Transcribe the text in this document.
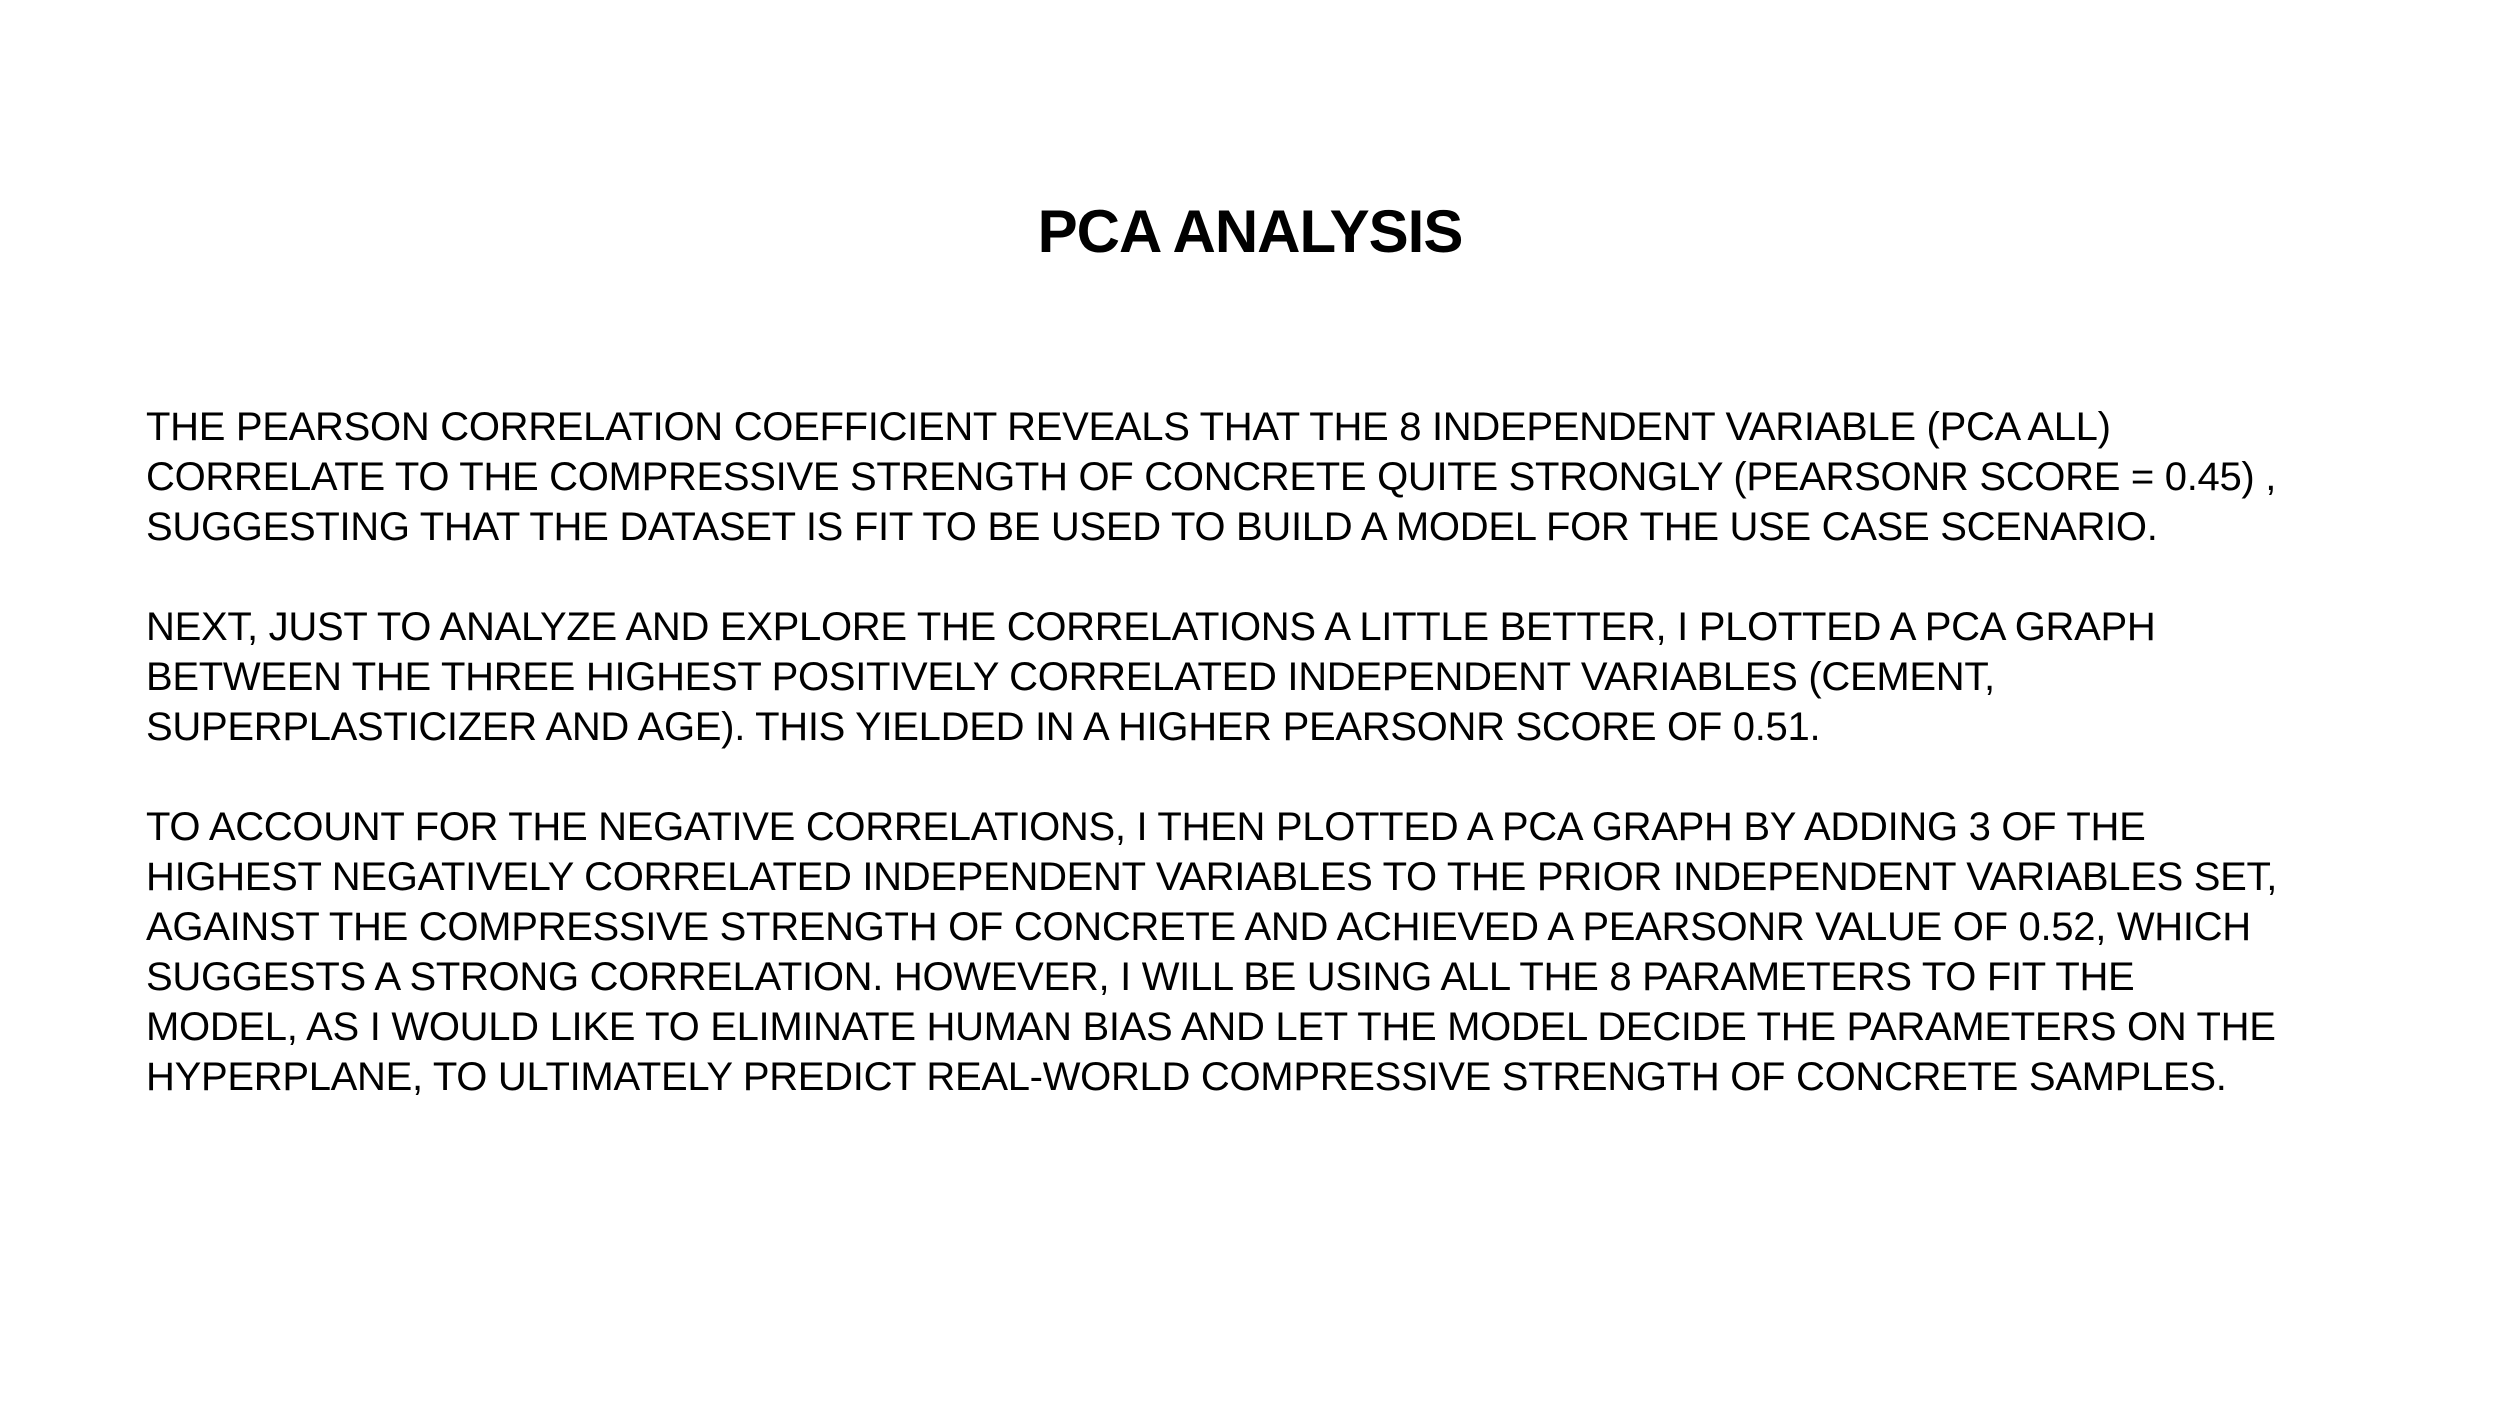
PCA ANALYSIS

THE PEARSON CORRELATION COEFFICIENT REVEALS THAT THE 8 INDEPENDENT VARIABLE (PCA ALL)
CORRELATE TO THE COMPRESSIVE STRENGTH OF CONCRETE QUITE STRONGLY (PEARSONR SCORE = 0.45) ,
SUGGESTING THAT THE DATASET IS FIT TO BE USED TO BUILD A MODEL FOR THE USE CASE SCENARIO.

NEXT, JUST TO ANALYZE AND EXPLORE THE CORRELATIONS A LITTLE BETTER, I PLOTTED A PCA GRAPH
BETWEEN THE THREE HIGHEST POSITIVELY CORRELATED INDEPENDENT VARIABLES (CEMENT,
SUPERPLASTICIZER AND AGE). THIS YIELDED IN A HIGHER PEARSONR SCORE OF 0.51.

TO ACCOUNT FOR THE NEGATIVE CORRELATIONS, I THEN PLOTTED A PCA GRAPH BY ADDING 3 OF THE
HIGHEST NEGATIVELY CORRELATED INDEPENDENT VARIABLES TO THE PRIOR INDEPENDENT VARIABLES SET,
AGAINST THE COMPRESSIVE STRENGTH OF CONCRETE AND ACHIEVED A PEARSONR VALUE OF 0.52, WHICH
SUGGESTS A STRONG CORRELATION. HOWEVER, I WILL BE USING ALL THE 8 PARAMETERS TO FIT THE
MODEL, AS I WOULD LIKE TO ELIMINATE HUMAN BIAS AND LET THE MODEL DECIDE THE PARAMETERS ON THE
HYPERPLANE, TO ULTIMATELY PREDICT REAL-WORLD COMPRESSIVE STRENGTH OF CONCRETE SAMPLES.
